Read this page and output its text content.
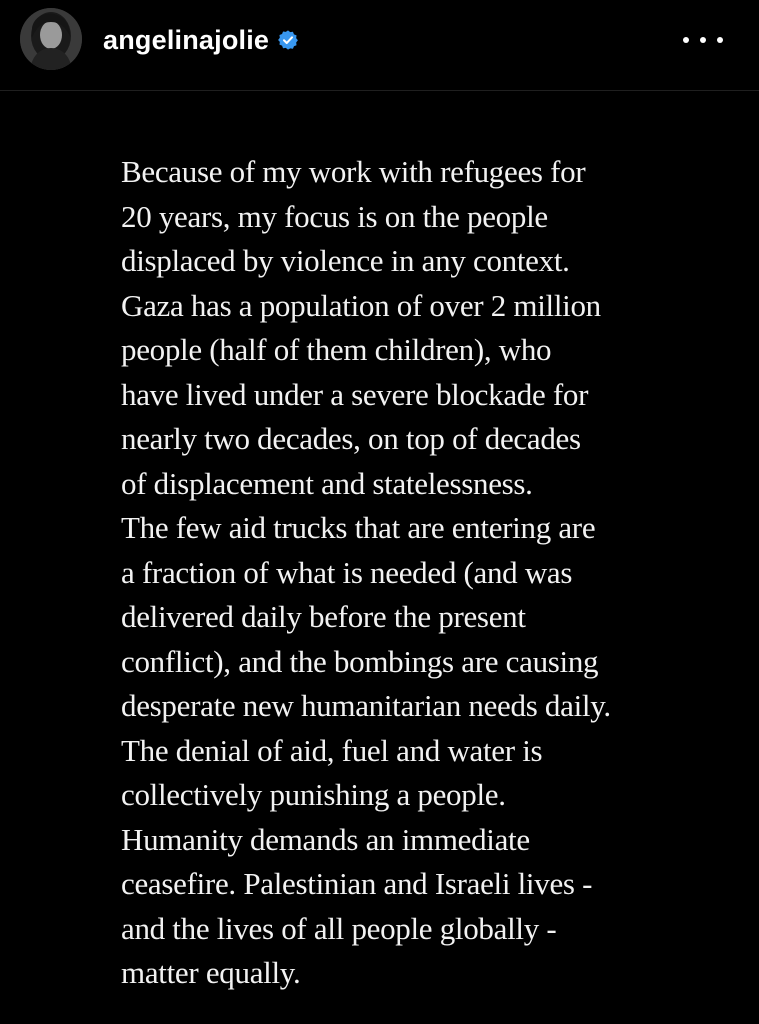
angelinajolie
Because of my work with refugees for
20 years, my focus is on the people
displaced by violence in any context.
Gaza has a population of over 2 million
people (half of them children), who
have lived under a severe blockade for
nearly two decades, on top of decades
of displacement and statelessness.
The few aid trucks that are entering are
a fraction of what is needed (and was
delivered daily before the present
conflict), and the bombings are causing
desperate new humanitarian needs daily.
The denial of aid, fuel and water is
collectively punishing a people.
Humanity demands an immediate
ceasefire. Palestinian and Israeli lives -
and the lives of all people globally -
matter equally.
